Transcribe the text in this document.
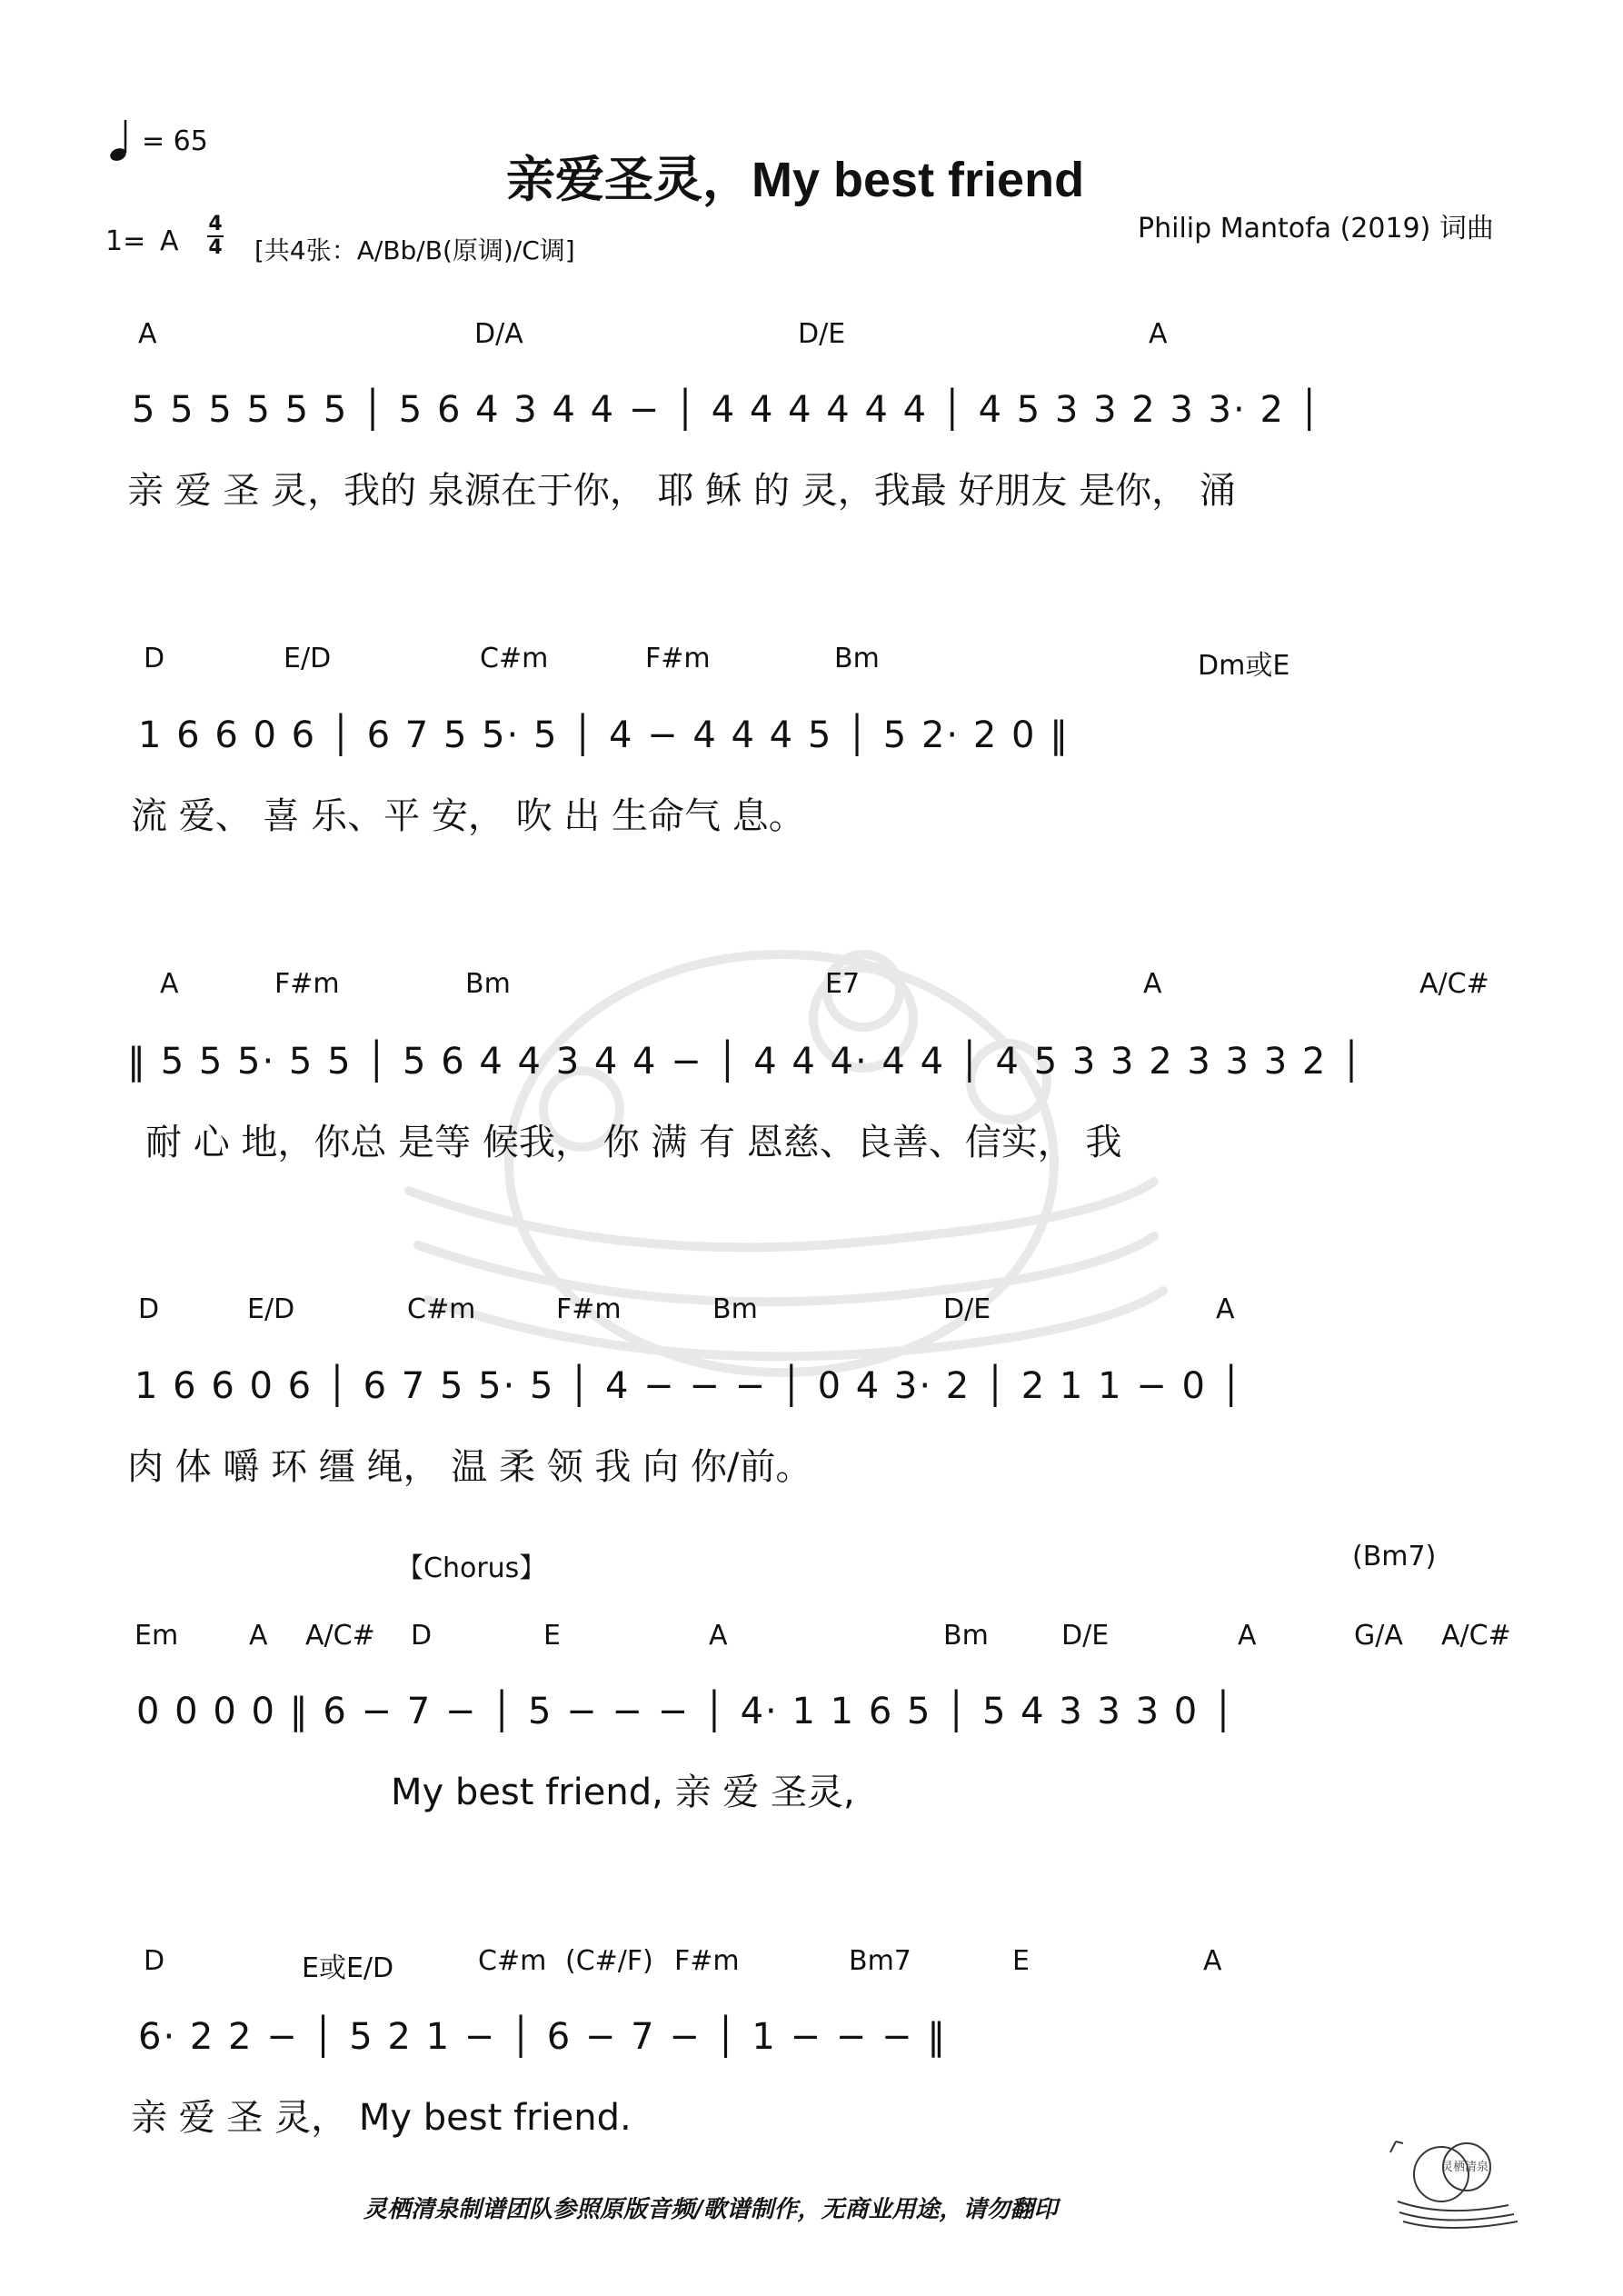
= 65
亲爱圣灵，My best friend
Philip Mantofa (2019) 词曲
1= A
4
4 [共4张：A/Bb/B(原调)/C调]
A	D/A	D/E	A
5 5 5 5 5 5 │ 5 6 4 3 4 4 − │ 4 4 4 4 4 4 │ 4 5 3 3 2 3 3· 2 │
亲 爱 圣 灵，我的 泉源在于你， 耶 稣 的 灵，我最 好朋友 是你， 涌
D	E/D	C#m	F#m	Bm	Dm或E
1 6 6 0 6 │ 6 7 5 5· 5 │ 4 − 4 4 4 5 │ 5 2· 2 0 ‖
流 爱、 喜 乐、平 安， 吹 出 生命气 息。
A	F#m	Bm	E7	A	A/C#
‖ 5 5 5· 5 5 │ 5 6 4 4 3 4 4 − │ 4 4 4· 4 4 │ 4 5 3 3 2 3 3 3 2 │
耐 心 地，你总 是等 候我， 你 满 有 恩慈、良善、信实， 我
D	E/D	C#m	F#m	Bm	D/E	A
1 6 6 0 6 │ 6 7 5 5· 5 │ 4 − − − │ 0 4 3· 2 │ 2 1 1 − 0 │
肉 体 嚼 环 缰 绳， 温 柔 领 我 向 你/前。
【Chorus】	(Bm7)
Em	A A/C# D	E	A	Bm	D/E	A	G/A A/C#
0 0 0 0 ‖ 6 − 7 − │ 5 − − − │ 4· 1 1 6 5 │ 5 4 3 3 3 0 │
My best friend, 亲 爱 圣灵,
D	E或E/D	C#m (C#/F) F#m	Bm7	E	A
6· 2 2 − │ 5 2 1 − │ 6 − 7 − │ 1 − − − ‖
亲 爱 圣 灵， My best friend.
灵栖清泉制谱团队参照原版音频/歌谱制作，无商业用途，请勿翻印
灵栖清泉
